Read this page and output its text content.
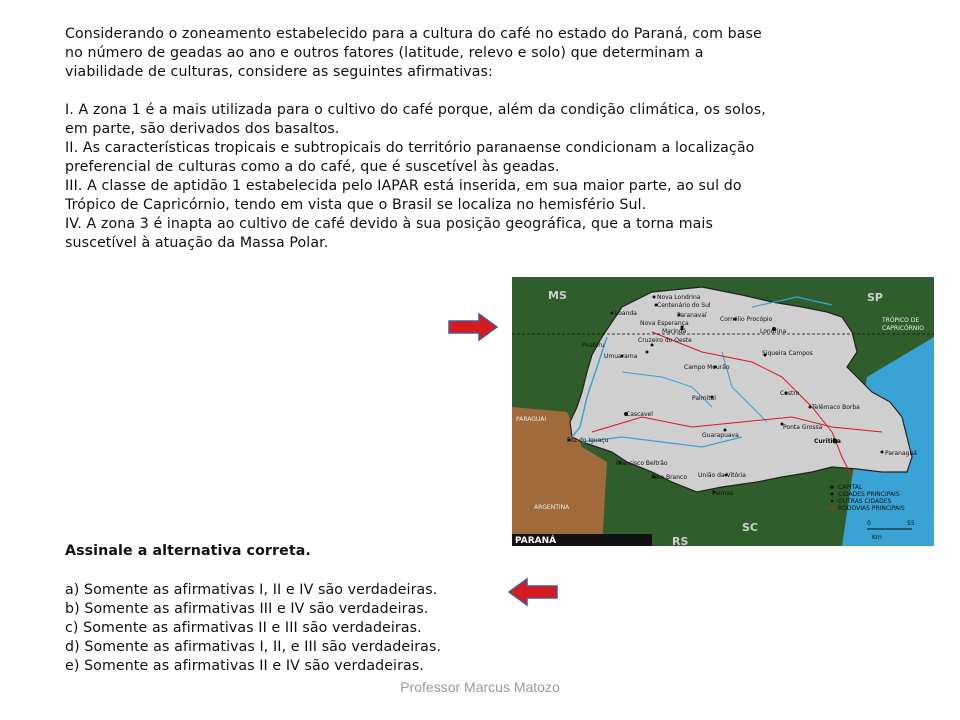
Considerando o zoneamento estabelecido para a cultura do café no estado do Paraná, com base
no número de geadas ao ano e outros fatores (latitude, relevo e solo) que determinam a
viabilidade de culturas, considere as seguintes afirmativas:
I. A zona 1 é a mais utilizada para o cultivo do café porque, além da condição climática, os solos,
em parte, são derivados dos basaltos.
II. As características tropicais e subtropicais do território paranaense condicionam a localização
preferencial de culturas como a do café, que é suscetível às geadas.
III. A classe de aptidão 1 estabelecida pelo IAPAR está inserida, em sua maior parte, ao sul do
Trópico de Capricórnio, tendo em vista que o Brasil se localiza no hemisfério Sul.
IV. A zona 3 é inapta ao cultivo de café devido à sua posição geográfica, que a torna mais
suscetível à atuação da Massa Polar.
MS	SP
SC
RS
PARAGUAI
ARGENTINA
TRÓPICO DE
CAPRICÓRNIO
Nova Londrina
Centenário do Sul
Loanda	Paranavaí
Nova Esperança
Maringá
Cornélio Procópio
Londrina
Cruzeiro do Oeste
Umuarama
Peabiru
Campo Mourão
Siqueira Campos
Palmital
Cascavel
Castro
Telêmaco Borba
Foz do Iguaçu
Guarapuava
Ponta Grossa
Curitiba
Paranaguá
Francisco Beltrão
Pato Branco União da Vitória
Palmas
CAPITAL
CIDADES PRINCIPAIS
OUTRAS CIDADES
RODOVIAS PRINCIPAIS
0	55
Km
PARANÁ
Assinale a alternativa correta.
a) Somente as afirmativas I, II e IV são verdadeiras.
b) Somente as afirmativas III e IV são verdadeiras.
c) Somente as afirmativas II e III são verdadeiras.
d) Somente as afirmativas I, II, e III são verdadeiras.
e) Somente as afirmativas II e IV são verdadeiras.
Professor Marcus Matozo
